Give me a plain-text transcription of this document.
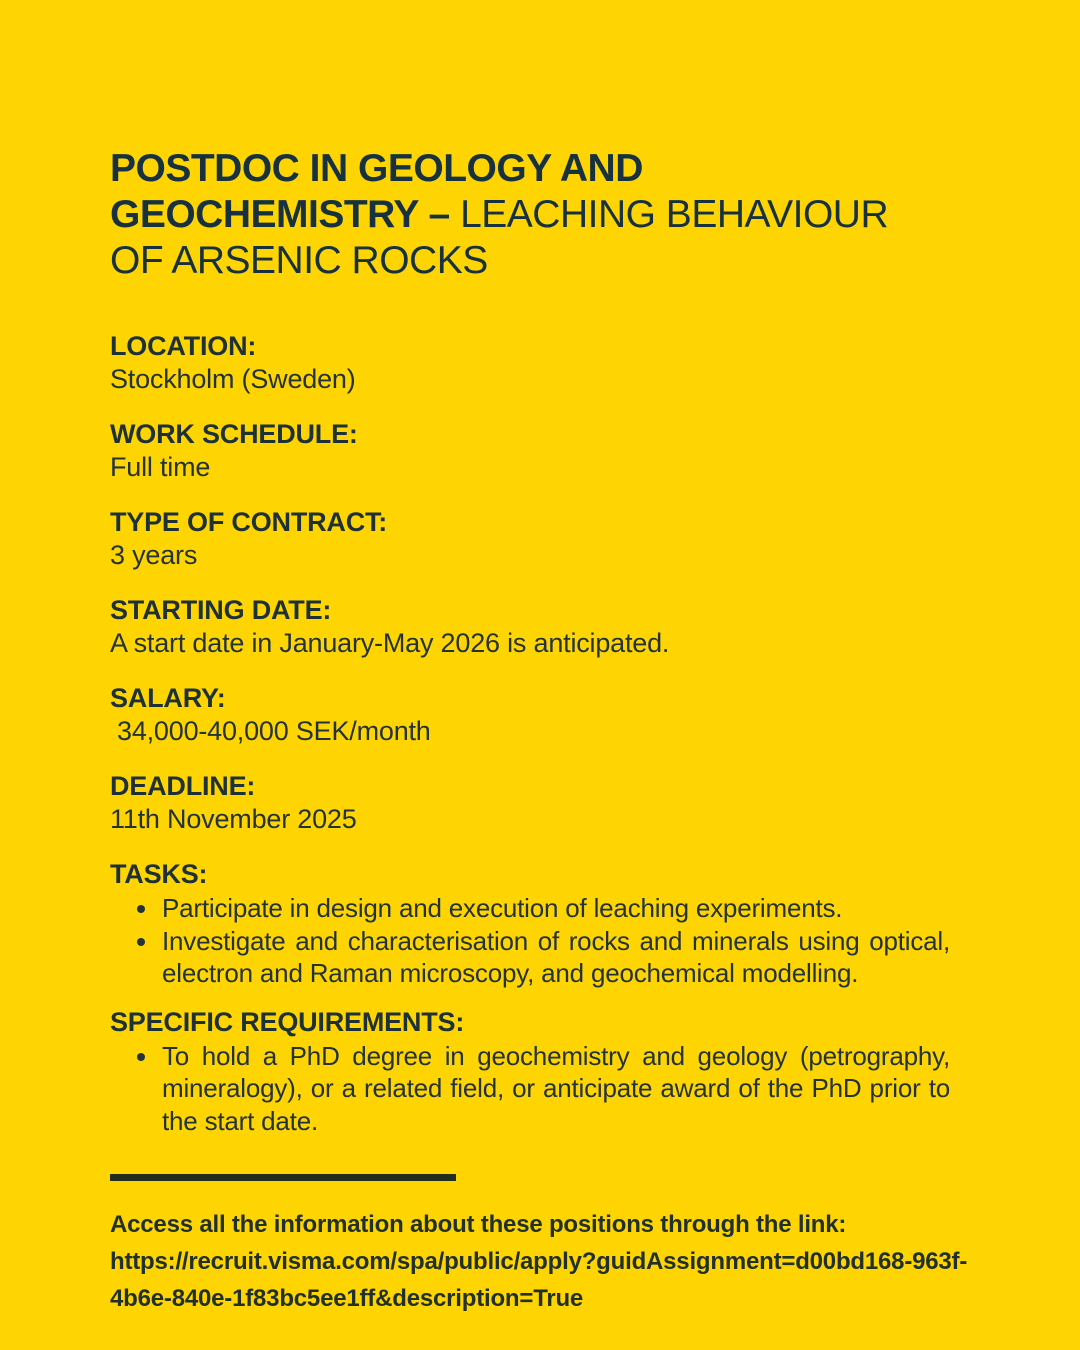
POSTDOC IN GEOLOGY AND GEOCHEMISTRY – LEACHING BEHAVIOUR OF ARSENIC ROCKS
LOCATION:
Stockholm (Sweden)
WORK SCHEDULE:
Full time
TYPE OF CONTRACT:
3 years
STARTING DATE:
A start date in January-May 2026 is anticipated.
SALARY:
34,000-40,000 SEK/month
DEADLINE:
11th November 2025
TASKS:
• Participate in design and execution of leaching experiments.
• Investigate and characterisation of rocks and minerals using optical, electron and Raman microscopy, and geochemical modelling.
SPECIFIC REQUIREMENTS:
• To hold a PhD degree in geochemistry and geology (petrography, mineralogy), or a related field, or anticipate award of the PhD prior to the start date.

Access all the information about these positions through the link:

https://recruit.visma.com/spa/public/apply?guidAssignment=d00bd168-963f-4b6e-840e-1f83bc5ee1ff&description=True
